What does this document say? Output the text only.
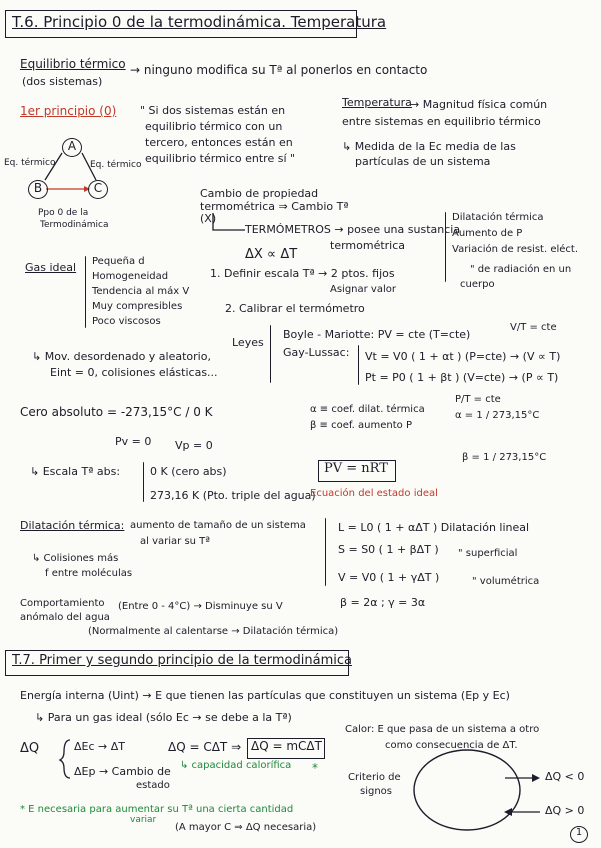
T.6. Principio 0 de la termodinámica. Temperatura
Equilibrio térmico → ninguno modifica su Tª al ponerlos en contacto
(dos sistemas)
1er principio (0) " Si dos sistemas están en
equilibrio térmico con un
tercero, entonces están en
equilibrio térmico entre sí "
A
B	C
Eq. térmico	Eq. térmico
Ppo 0 de la
Termodinámica
Temperatura
→ Magnitud física común
entre sistemas en equilibrio térmico
↳ Medida de la Ec media de las
partículas de un sistema
Cambio de propiedad
termométrica ⇒ Cambio Tª
(X)
TERMÓMETROS → posee una sustancia
termométrica
ΔX ∝ ΔT
Dilatación térmica
Aumento de P
Variación de resist. eléct.
" de radiación en un
cuerpo
1. Definir escala Tª → 2 ptos. fijos
Asignar valor
2. Calibrar el termómetro
Gas ideal Pequeña d
Homogeneidad
Tendencia al máx V
Muy compresibles
Poco viscosos
↳ Mov. desordenado y aleatorio,
Eint = 0, colisiones elásticas...
Leyes
Boyle - Mariotte: PV = cte (T=cte)
V/T = cte
Gay-Lussac: Vt = V0 ( 1 + αt ) (P=cte) → (V ∝ T)
Pt = P0 ( 1 + βt ) (V=cte) → (P ∝ T)
P/T = cte
α ≡ coef. dilat. térmica
β ≡ coef. aumento P
α = 1 / 273,15°C
β = 1 / 273,15°C
Cero absoluto = -273,15°C / 0 K
Pv = 0 Vp = 0
↳ Escala Tª abs:	0 K (cero abs)
273,16 K (Pto. triple del agua)
PV = nRT
Ecuación del estado ideal
Dilatación térmica: aumento de tamaño de un sistema
al variar su Tª
↳ Colisiones más
f entre moléculas
L = L0 ( 1 + αΔT ) Dilatación lineal
S = S0 ( 1 + βΔT ) " superficial
V = V0 ( 1 + γΔT )	" volumétrica
β = 2α ; γ = 3α
Comportamiento
anómalo del agua
(Entre 0 - 4°C) → Disminuye su V
(Normalmente al calentarse → Dilatación térmica)
T.7. Primer y segundo principio de la termodinámica
Energía interna (Uint) → E que tienen las partículas que constituyen un sistema (Ep y Ec)
↳ Para un gas ideal (sólo Ec → se debe a la Tª)
Calor: E que pasa de un sistema a otro
como consecuencia de ΔT.
ΔQ	ΔEc → ΔT
ΔEp → Cambio de
estado
ΔQ = CΔT ⇒ ΔQ = mCΔT
↳ capacidad calorífica *
Criterio de
signos
ΔQ < 0
ΔQ > 0
* E necesaria para aumentar su Tª una cierta cantidad
variar
(A mayor C ⇒ ΔQ necesaria)	1
